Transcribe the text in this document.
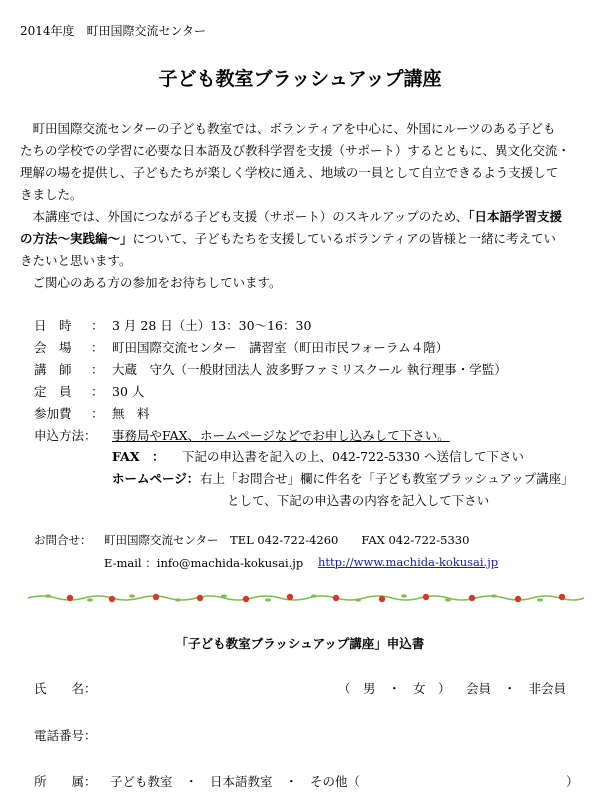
2014年度　町田国際交流センター
子ども教室ブラッシュアップ講座
町田国際交流センターの子ども教室では、ボランティアを中心に、外国にルーツのある子ども
たちの学校での学習に必要な日本語及び教科学習を支援（サポート）するとともに、異文化交流・
理解の場を提供し、子どもたちが楽しく学校に通え、地域の一員として自立できるよう支援して
きました。
本講座では、外国につながる子ども支援（サポート）のスキルアップのため、「日本語学習支援
の方法〜実践編〜」について、子どもたちを支援しているボランティアの皆様と一緒に考えてい
きたいと思います。
ご関心のある方の参加をお待ちしています。
日　時 ： 3 月 28 日（土）13：30〜16：30
会　場 ： 町田国際交流センター　講習室（町田市民フォーラム４階）
講　師 ： 大蔵　守久（一般財団法人 波多野ファミリスクール 執行理事・学監）
定　員 ： 30 人
参加費 ： 無　料
申込方法： 事務局やFAX、ホームページなどでお申し込みして下さい。
FAX　： 下記の申込書を記入の上、042-722-5330 へ送信して下さい
ホームページ： 右上「お問合せ」欄に件名を「子ども教室ブラッシュアップ講座」
として、下記の申込書の内容を記入して下さい
お問合せ： 町田国際交流センター　TEL 042-722-4260　　FAX 042-722-5330
E-mail ：info@machida-kokusai.jp http://www.machida-kokusai.jp
「子ども教室ブラッシュアップ講座」申込書
氏　　名：	（　男　・　女　） 会員　・　非会員
電話番号：
所　　属： 子ども教室　・　日本語教室　・　その他（	）
